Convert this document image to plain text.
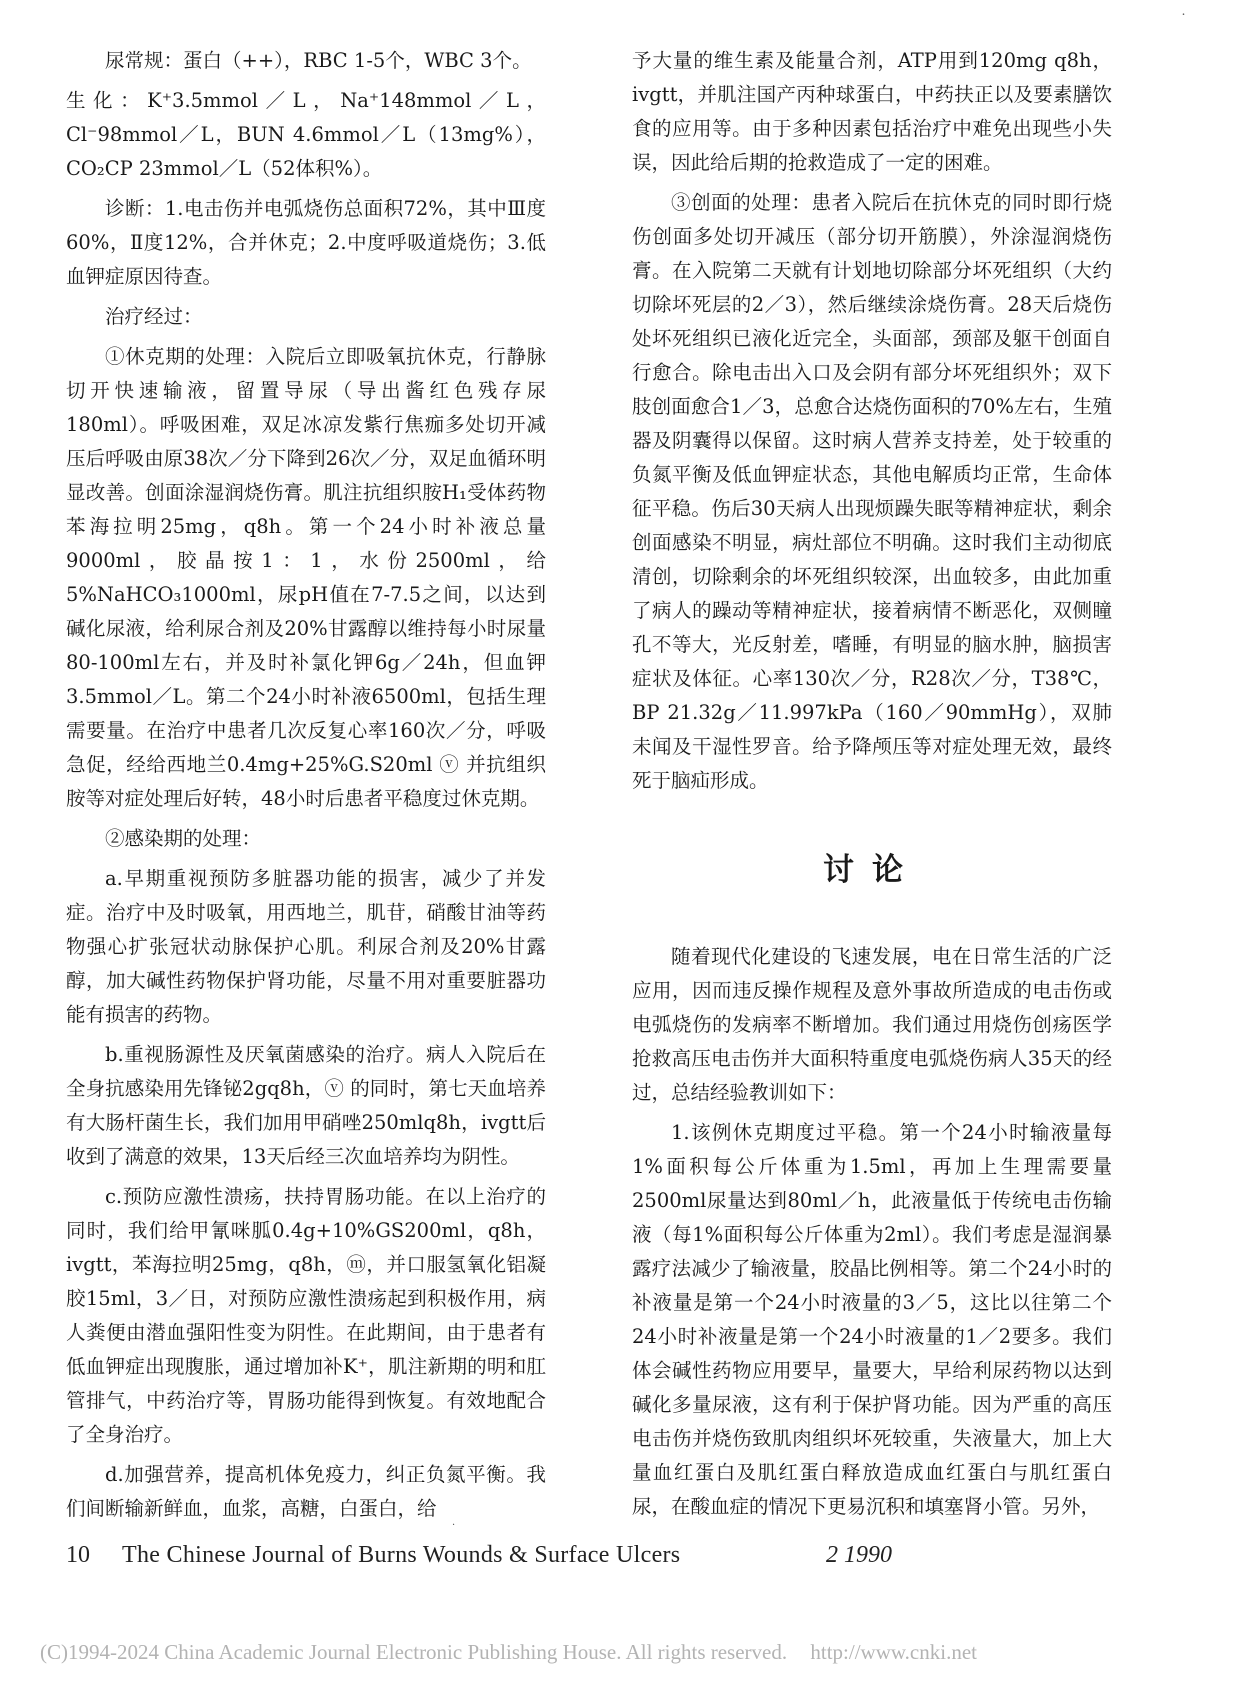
˙

尿常规：蛋白（++），RBC 1-5个，WBC 3个。

生化：K⁺3.5mmol／L，Na⁺148mmol／L，Cl⁻98mmol／L，BUN 4.6mmol／L（13mg%），CO₂CP 23mmol／L（52体积%）。

诊断：1.电击伤并电弧烧伤总面积72%，其中Ⅲ度60%，Ⅱ度12%，合并休克；2.中度呼吸道烧伤；3.低血钾症原因待查。

治疗经过：

①休克期的处理：入院后立即吸氧抗休克，行静脉切开快速输液，留置导尿（导出酱红色残存尿180ml）。呼吸困难，双足冰凉发紫行焦痂多处切开减压后呼吸由原38次／分下降到26次／分，双足血循环明显改善。创面涂湿润烧伤膏。肌注抗组织胺H₁受体药物苯海拉明25mg，q8h。第一个24小时补液总量9000ml，胶晶按1：1，水份2500ml，给5%NaHCO₃1000ml，尿pH值在7-7.5之间，以达到碱化尿液，给利尿合剂及20%甘露醇以维持每小时尿量80-100ml左右，并及时补氯化钾6g／24h，但血钾3.5mmol／L。第二个24小时补液6500ml，包括生理需要量。在治疗中患者几次反复心率160次／分，呼吸急促，经给西地兰0.4mg+25%G.S20ml ⓥ 并抗组织胺等对症处理后好转，48小时后患者平稳度过休克期。

②感染期的处理：

a.早期重视预防多脏器功能的损害，减少了并发症。治疗中及时吸氧，用西地兰，肌苷，硝酸甘油等药物强心扩张冠状动脉保护心肌。利尿合剂及20%甘露醇，加大碱性药物保护肾功能，尽量不用对重要脏器功能有损害的药物。

b.重视肠源性及厌氧菌感染的治疗。病人入院后在全身抗感染用先锋铋2gq8h，ⓥ 的同时，第七天血培养有大肠杆菌生长，我们加用甲硝唑250mlq8h，ivgtt后收到了满意的效果，13天后经三次血培养均为阴性。

c.预防应激性溃疡，扶持胃肠功能。在以上治疗的同时，我们给甲氰咪胍0.4g+10%GS200ml，q8h，ivgtt，苯海拉明25mg，q8h，ⓜ，并口服氢氧化铝凝胶15ml，3／日，对预防应激性溃疡起到积极作用，病人粪便由潜血强阳性变为阴性。在此期间，由于患者有低血钾症出现腹胀，通过增加补K⁺，肌注新期的明和肛管排气，中药治疗等，胃肠功能得到恢复。有效地配合了全身治疗。

d.加强营养，提高机体免疫力，纠正负氮平衡。我们间断输新鲜血，血浆，高糖，白蛋白，给

予大量的维生素及能量合剂，ATP用到120mg q8h，ivgtt，并肌注国产丙种球蛋白，中药扶正以及要素膳饮食的应用等。由于多种因素包括治疗中难免出现些小失误，因此给后期的抢救造成了一定的困难。

③创面的处理：患者入院后在抗休克的同时即行烧伤创面多处切开减压（部分切开筋膜），外涂湿润烧伤膏。在入院第二天就有计划地切除部分坏死组织（大约切除坏死层的2／3），然后继续涂烧伤膏。28天后烧伤处坏死组织已液化近完全，头面部，颈部及躯干创面自行愈合。除电击出入口及会阴有部分坏死组织外；双下肢创面愈合1／3，总愈合达烧伤面积的70%左右，生殖器及阴囊得以保留。这时病人营养支持差，处于较重的负氮平衡及低血钾症状态，其他电解质均正常，生命体征平稳。伤后30天病人出现烦躁失眠等精神症状，剩余创面感染不明显，病灶部位不明确。这时我们主动彻底清创，切除剩余的坏死组织较深，出血较多，由此加重了病人的躁动等精神症状，接着病情不断恶化，双侧瞳孔不等大，光反射差，嗜睡，有明显的脑水肿，脑损害症状及体征。心率130次／分，R28次／分，T38℃，BP 21.32g／11.997kPa（160／90mmHg），双肺未闻及干湿性罗音。给予降颅压等对症处理无效，最终死于脑疝形成。

讨论

随着现代化建设的飞速发展，电在日常生活的广泛应用，因而违反操作规程及意外事故所造成的电击伤或电弧烧伤的发病率不断增加。我们通过用烧伤创疡医学抢救高压电击伤并大面积特重度电弧烧伤病人35天的经过，总结经验教训如下：

1.该例休克期度过平稳。第一个24小时输液量每1%面积每公斤体重为1.5ml，再加上生理需要量2500ml尿量达到80ml／h，此液量低于传统电击伤输液（每1%面积每公斤体重为2ml）。我们考虑是湿润暴露疗法减少了输液量，胶晶比例相等。第二个24小时的补液量是第一个24小时液量的3／5，这比以往第二个24小时补液量是第一个24小时液量的1／2要多。我们体会碱性药物应用要早，量要大，早给利尿药物以达到碱化多量尿液，这有利于保护肾功能。因为严重的高压电击伤并烧伤致肌肉组织坏死较重，失液量大，加上大量血红蛋白及肌红蛋白释放造成血红蛋白与肌红蛋白尿，在酸血症的情况下更易沉积和填塞肾小管。另外，

·
10 The Chinese Journal of Burns Wounds & Surface Ulcers	2 1990
(C)1994-2024 China Academic Journal Electronic Publishing House. All rights reserved. http://www.cnki.net
